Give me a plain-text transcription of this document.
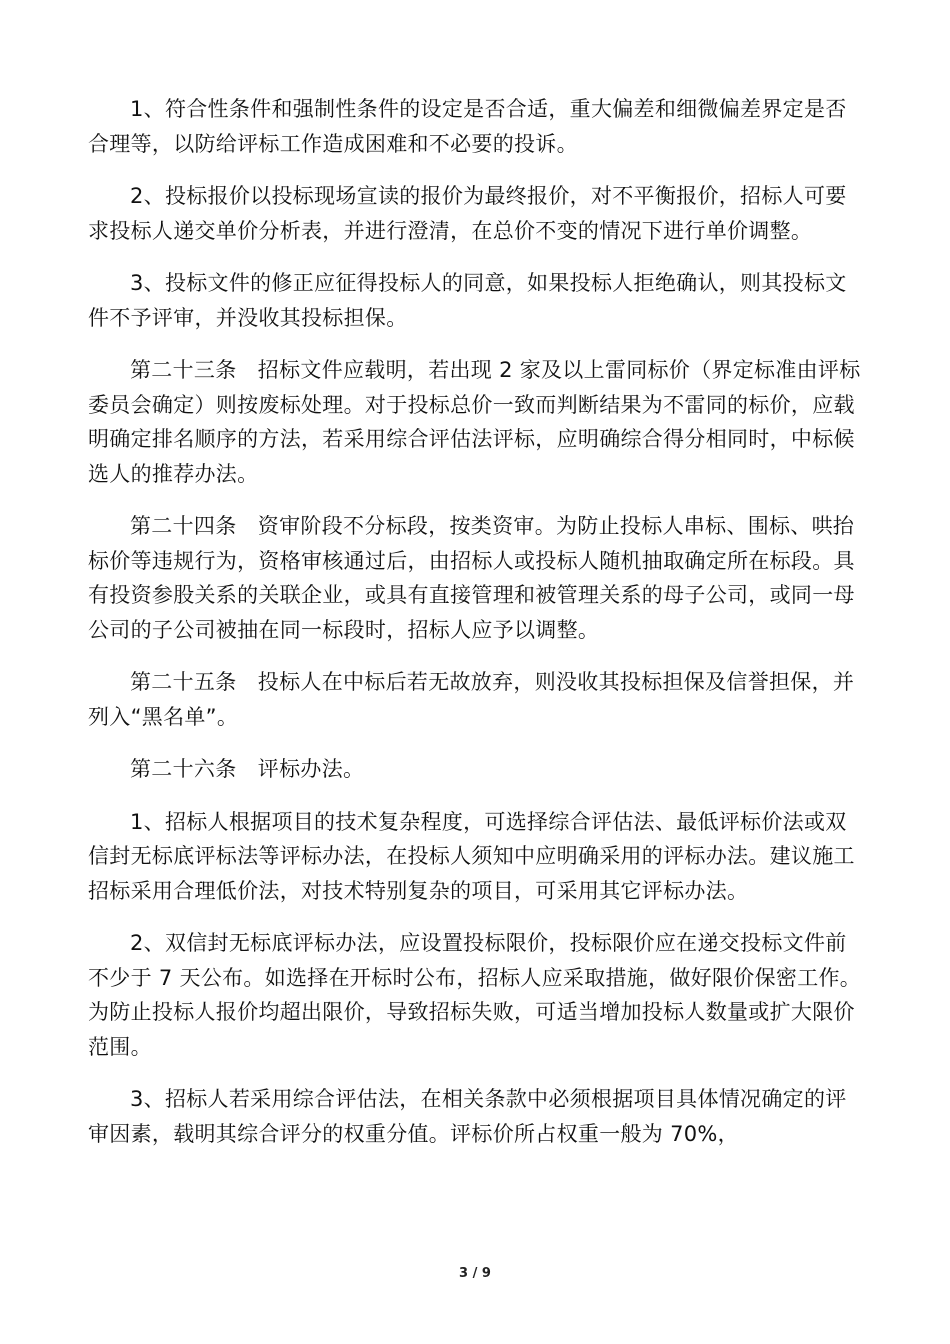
1、符合性条件和强制性条件的设定是否合适，重大偏差和细微偏差界定是否合理等，以防给评标工作造成困难和不必要的投诉。

2、投标报价以投标现场宣读的报价为最终报价，对不平衡报价，招标人可要求投标人递交单价分析表，并进行澄清，在总价不变的情况下进行单价调整。

3、投标文件的修正应征得投标人的同意，如果投标人拒绝确认，则其投标文件不予评审，并没收其投标担保。

第二十三条　招标文件应载明，若出现 2 家及以上雷同标价（界定标准由评标委员会确定）则按废标处理。对于投标总价一致而判断结果为不雷同的标价，应载明确定排名顺序的方法，若采用综合评估法评标，应明确综合得分相同时，中标候选人的推荐办法。

第二十四条　资审阶段不分标段，按类资审。为防止投标人串标、围标、哄抬标价等违规行为，资格审核通过后，由招标人或投标人随机抽取确定所在标段。具有投资参股关系的关联企业，或具有直接管理和被管理关系的母子公司，或同一母公司的子公司被抽在同一标段时，招标人应予以调整。

第二十五条　投标人在中标后若无故放弃，则没收其投标担保及信誉担保，并列入“黑名单”。

第二十六条　评标办法。

1、招标人根据项目的技术复杂程度，可选择综合评估法、最低评标价法或双信封无标底评标法等评标办法，在投标人须知中应明确采用的评标办法。建议施工招标采用合理低价法，对技术特别复杂的项目，可采用其它评标办法。

2、双信封无标底评标办法，应设置投标限价，投标限价应在递交投标文件前不少于 7 天公布。如选择在开标时公布，招标人应采取措施，做好限价保密工作。为防止投标人报价均超出限价，导致招标失败，可适当增加投标人数量或扩大限价范围。

3、招标人若采用综合评估法，在相关条款中必须根据项目具体情况确定的评审因素，载明其综合评分的权重分值。评标价所占权重一般为 70%，

3 / 9
